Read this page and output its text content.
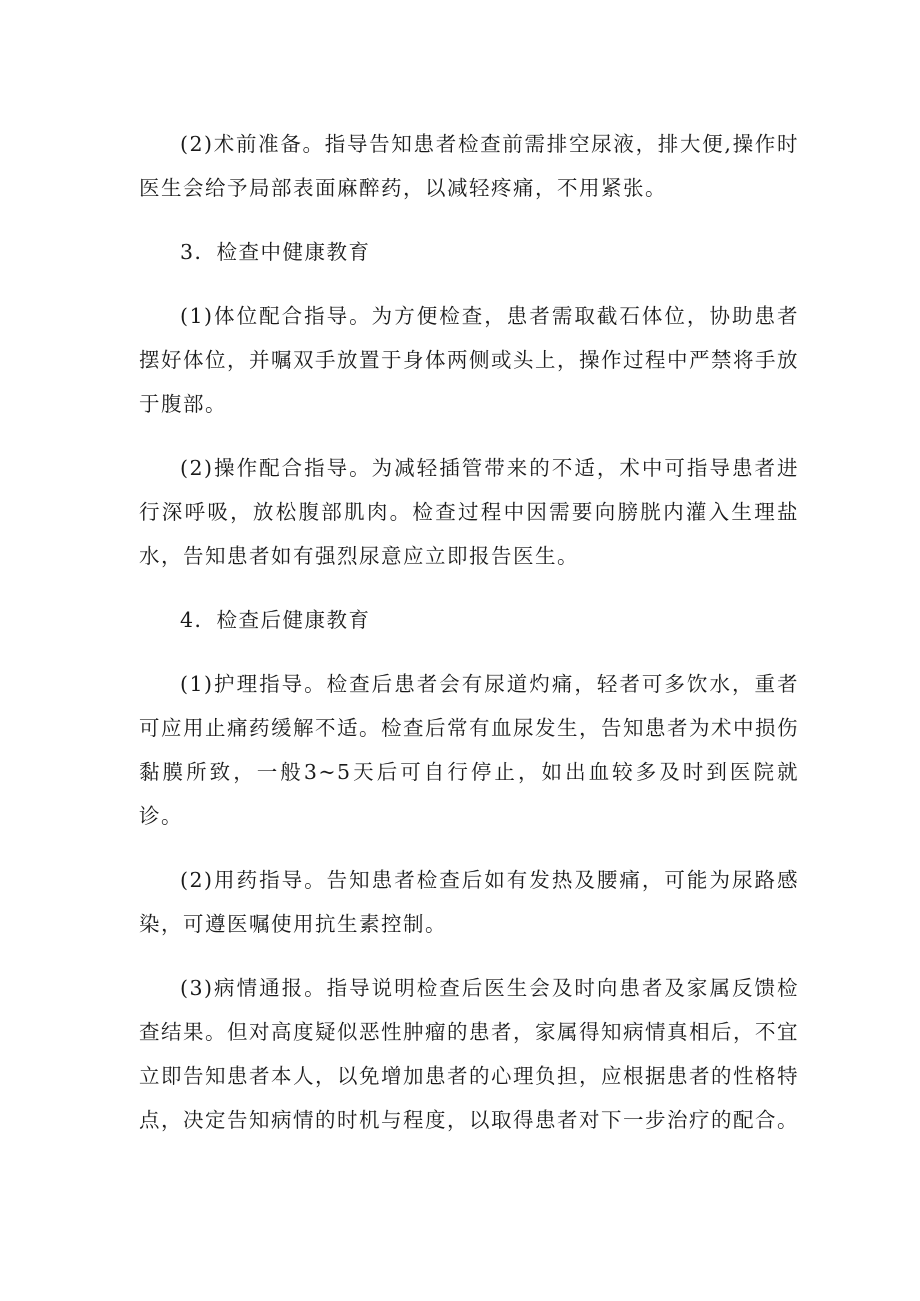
(2)术前准备。指导告知患者检查前需排空尿液，排大便,操作时医生会给予局部表面麻醉药，以减轻疼痛，不用紧张。

3．检查中健康教育

(1)体位配合指导。为方便检查，患者需取截石体位，协助患者摆好体位，并嘱双手放置于身体两侧或头上，操作过程中严禁将手放于腹部。

(2)操作配合指导。为减轻插管带来的不适，术中可指导患者进行深呼吸，放松腹部肌肉。检查过程中因需要向膀胱内灌入生理盐水，告知患者如有强烈尿意应立即报告医生。

4．检查后健康教育

(1)护理指导。检查后患者会有尿道灼痛，轻者可多饮水，重者可应用止痛药缓解不适。检查后常有血尿发生，告知患者为术中损伤黏膜所致，一般3~5天后可自行停止，如出血较多及时到医院就诊。

(2)用药指导。告知患者检查后如有发热及腰痛，可能为尿路感染，可遵医嘱使用抗生素控制。

(3)病情通报。指导说明检查后医生会及时向患者及家属反馈检查结果。但对高度疑似恶性肿瘤的患者，家属得知病情真相后，不宜立即告知患者本人，以免增加患者的心理负担，应根据患者的性格特点，决定告知病情的时机与程度，以取得患者对下一步治疗的配合。
